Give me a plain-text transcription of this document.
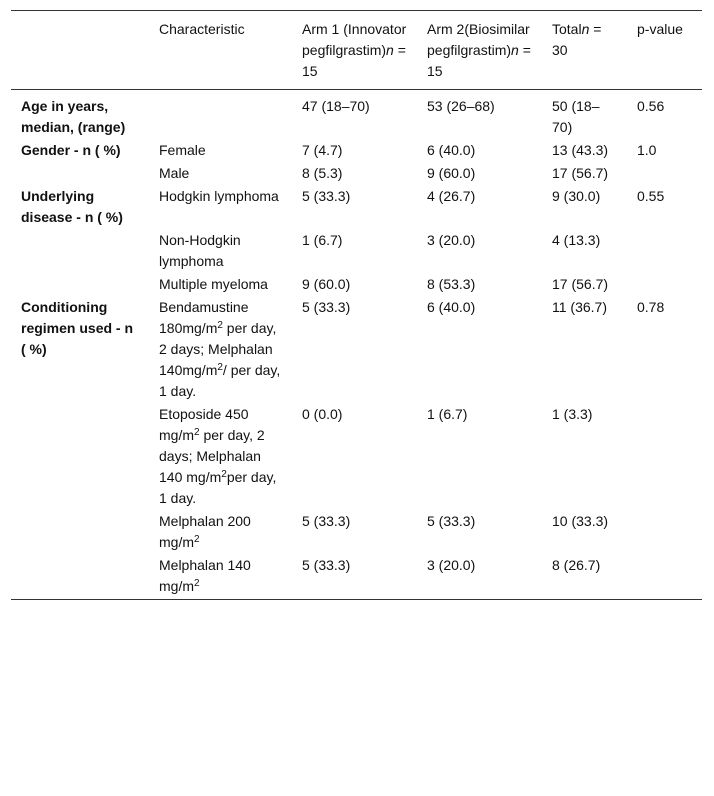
	Characteristic	Arm 1 (Innovator pegfilgrastim)n = 15	Arm 2(Biosimilar pegfilgrastim)n = 15	Totaln = 30	p-value
Age in years, median, (range)		47 (18–70)	53 (26–68)	50 (18–70)	0.56
Gender - n ( %)	Female	7 (4.7)	6 (40.0)	13 (43.3)	1.0
	Male	8 (5.3)	9 (60.0)	17 (56.7)	
Underlying disease - n ( %)	Hodgkin lymphoma	5 (33.3)	4 (26.7)	9 (30.0)	0.55
	Non-Hodgkin lymphoma	1 (6.7)	3 (20.0)	4 (13.3)	
	Multiple myeloma	9 (60.0)	8 (53.3)	17 (56.7)	
Conditioning regimen used - n ( %)	Bendamustine $180mg/m^2$ per day, 2 days; Melphalan $140mg/m^2/$ per day, 1 day.	5 (33.3)	6 (40.0)	11 (36.7)	0.78
	Etoposide 450 $mg/m^2$ per day, 2 days; Melphalan 140 $mg/m^2per$ day, 1 day.	0 (0.0)	1 (6.7)	1 (3.3)	
	Melphalan 200 $mg/m^2$	5 (33.3)	5 (33.3)	10 (33.3)	
	Melphalan 140 $mg/m^2$	5 (33.3)	3 (20.0)	8 (26.7)	
